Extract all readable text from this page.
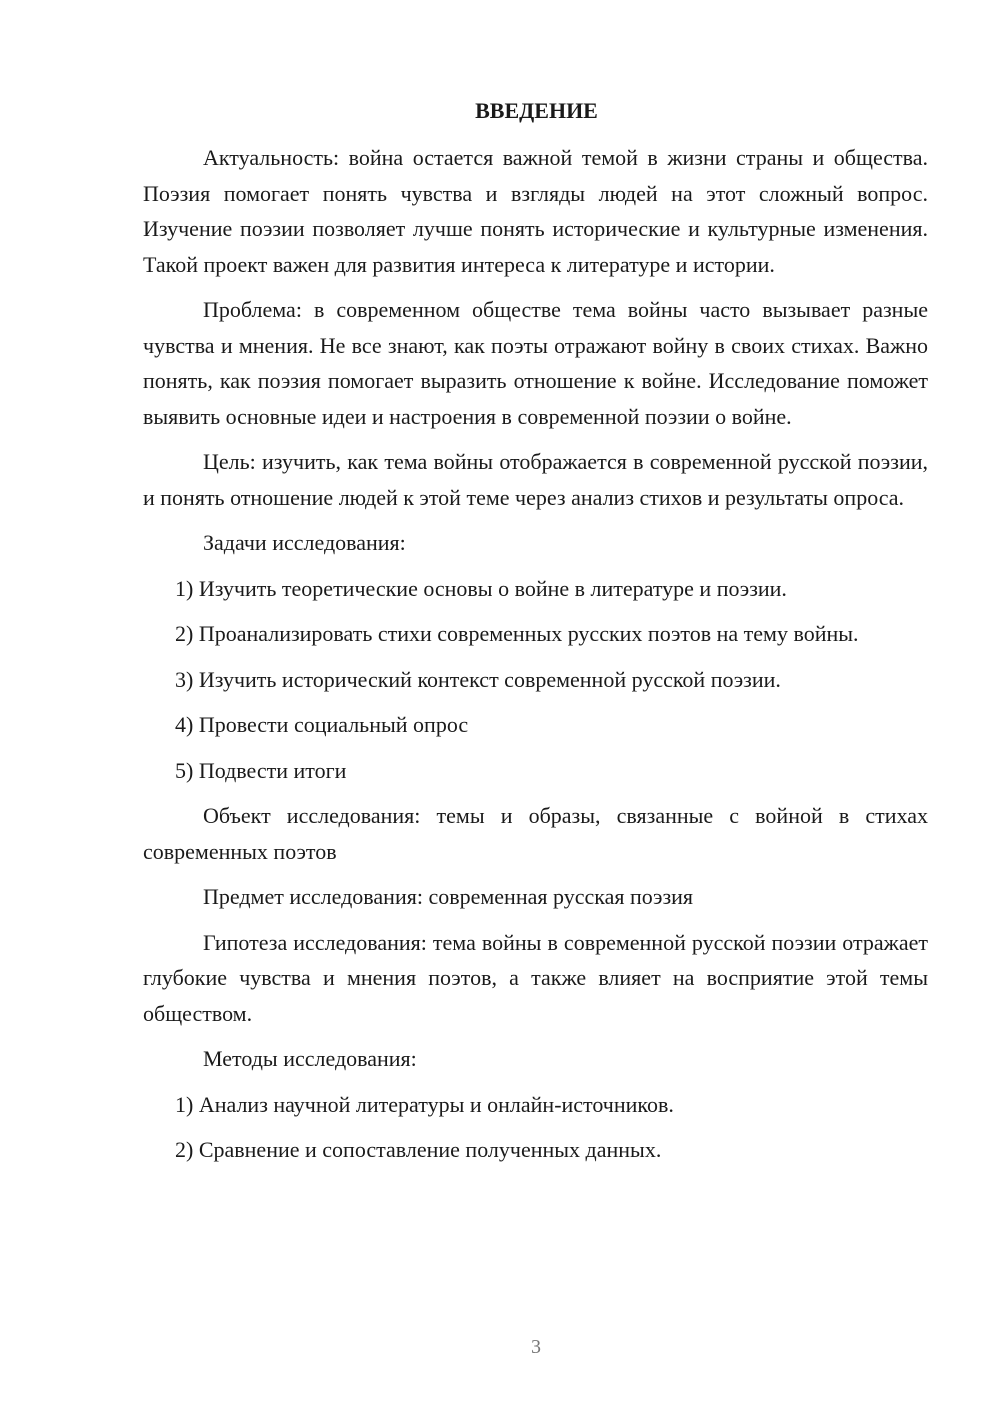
ВВЕДЕНИЕ

Актуальность: война остается важной темой в жизни страны и общества. Поэзия помогает понять чувства и взгляды людей на этот сложный вопрос. Изучение поэзии позволяет лучше понять исторические и культурные изменения. Такой проект важен для развития интереса к литературе и истории.

Проблема: в современном обществе тема войны часто вызывает разные чувства и мнения. Не все знают, как поэты отражают войну в своих стихах. Важно понять, как поэзия помогает выразить отношение к войне. Исследование поможет выявить основные идеи и настроения в современной поэзии о войне.

Цель: изучить, как тема войны отображается в современной русской поэзии, и понять отношение людей к этой теме через анализ стихов и результаты опроса.

Задачи исследования:

1) Изучить теоретические основы о войне в литературе и поэзии.

2) Проанализировать стихи современных русских поэтов на тему войны.

3) Изучить исторический контекст современной русской поэзии.

4) Провести социальный опрос

5) Подвести итоги

Объект исследования: темы и образы, связанные с войной в стихах современных поэтов

Предмет исследования: современная русская поэзия

Гипотеза исследования: тема войны в современной русской поэзии отражает глубокие чувства и мнения поэтов, а также влияет на восприятие этой темы обществом.

Методы исследования:

1) Анализ научной литературы и онлайн-источников.

2) Сравнение и сопоставление полученных данных.

3
